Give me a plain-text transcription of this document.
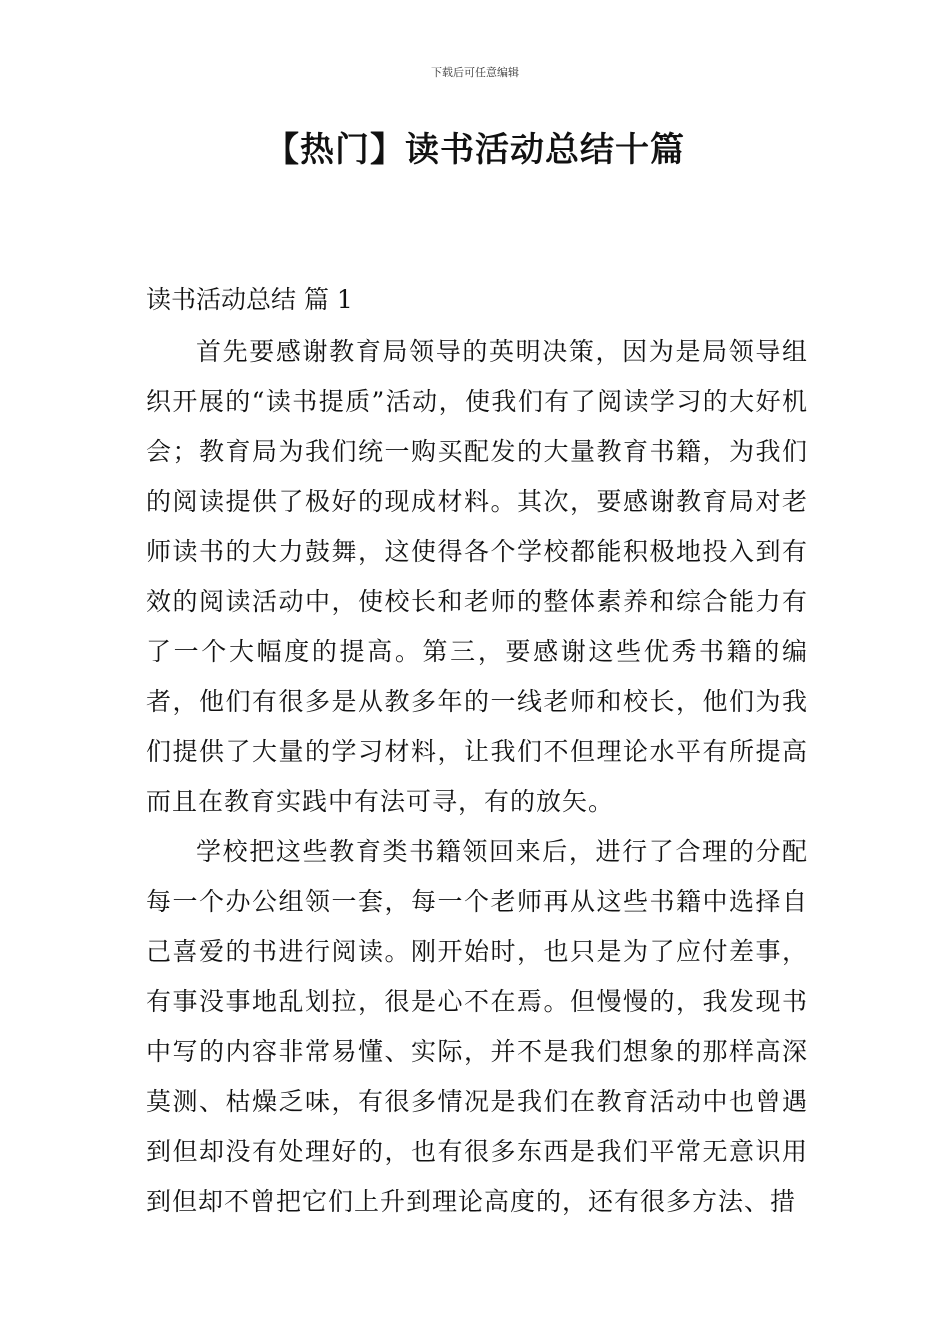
下载后可任意编辑
【热门】读书活动总结十篇
读书活动总结 篇 1

首先要感谢教育局领导的英明决策，因为是局领导组织开展的“读书提质”活动，使我们有了阅读学习的大好机会；教育局为我们统一购买配发的大量教育书籍，为我们的阅读提供了极好的现成材料。其次，要感谢教育局对老师读书的大力鼓舞，这使得各个学校都能积极地投入到有效的阅读活动中，使校长和老师的整体素养和综合能力有了一个大幅度的提高。第三，要感谢这些优秀书籍的编者，他们有很多是从教多年的一线老师和校长，他们为我们提供了大量的学习材料，让我们不但理论水平有所提高而且在教育实践中有法可寻，有的放矢。

学校把这些教育类书籍领回来后，进行了合理的分配每一个办公组领一套，每一个老师再从这些书籍中选择自己喜爱的书进行阅读。刚开始时，也只是为了应付差事，有事没事地乱划拉，很是心不在焉。但慢慢的，我发现书中写的内容非常易懂、实际，并不是我们想象的那样高深莫测、枯燥乏味，有很多情况是我们在教育活动中也曾遇到但却没有处理好的，也有很多东西是我们平常无意识用到但却不曾把它们上升到理论高度的，还有很多方法、措
